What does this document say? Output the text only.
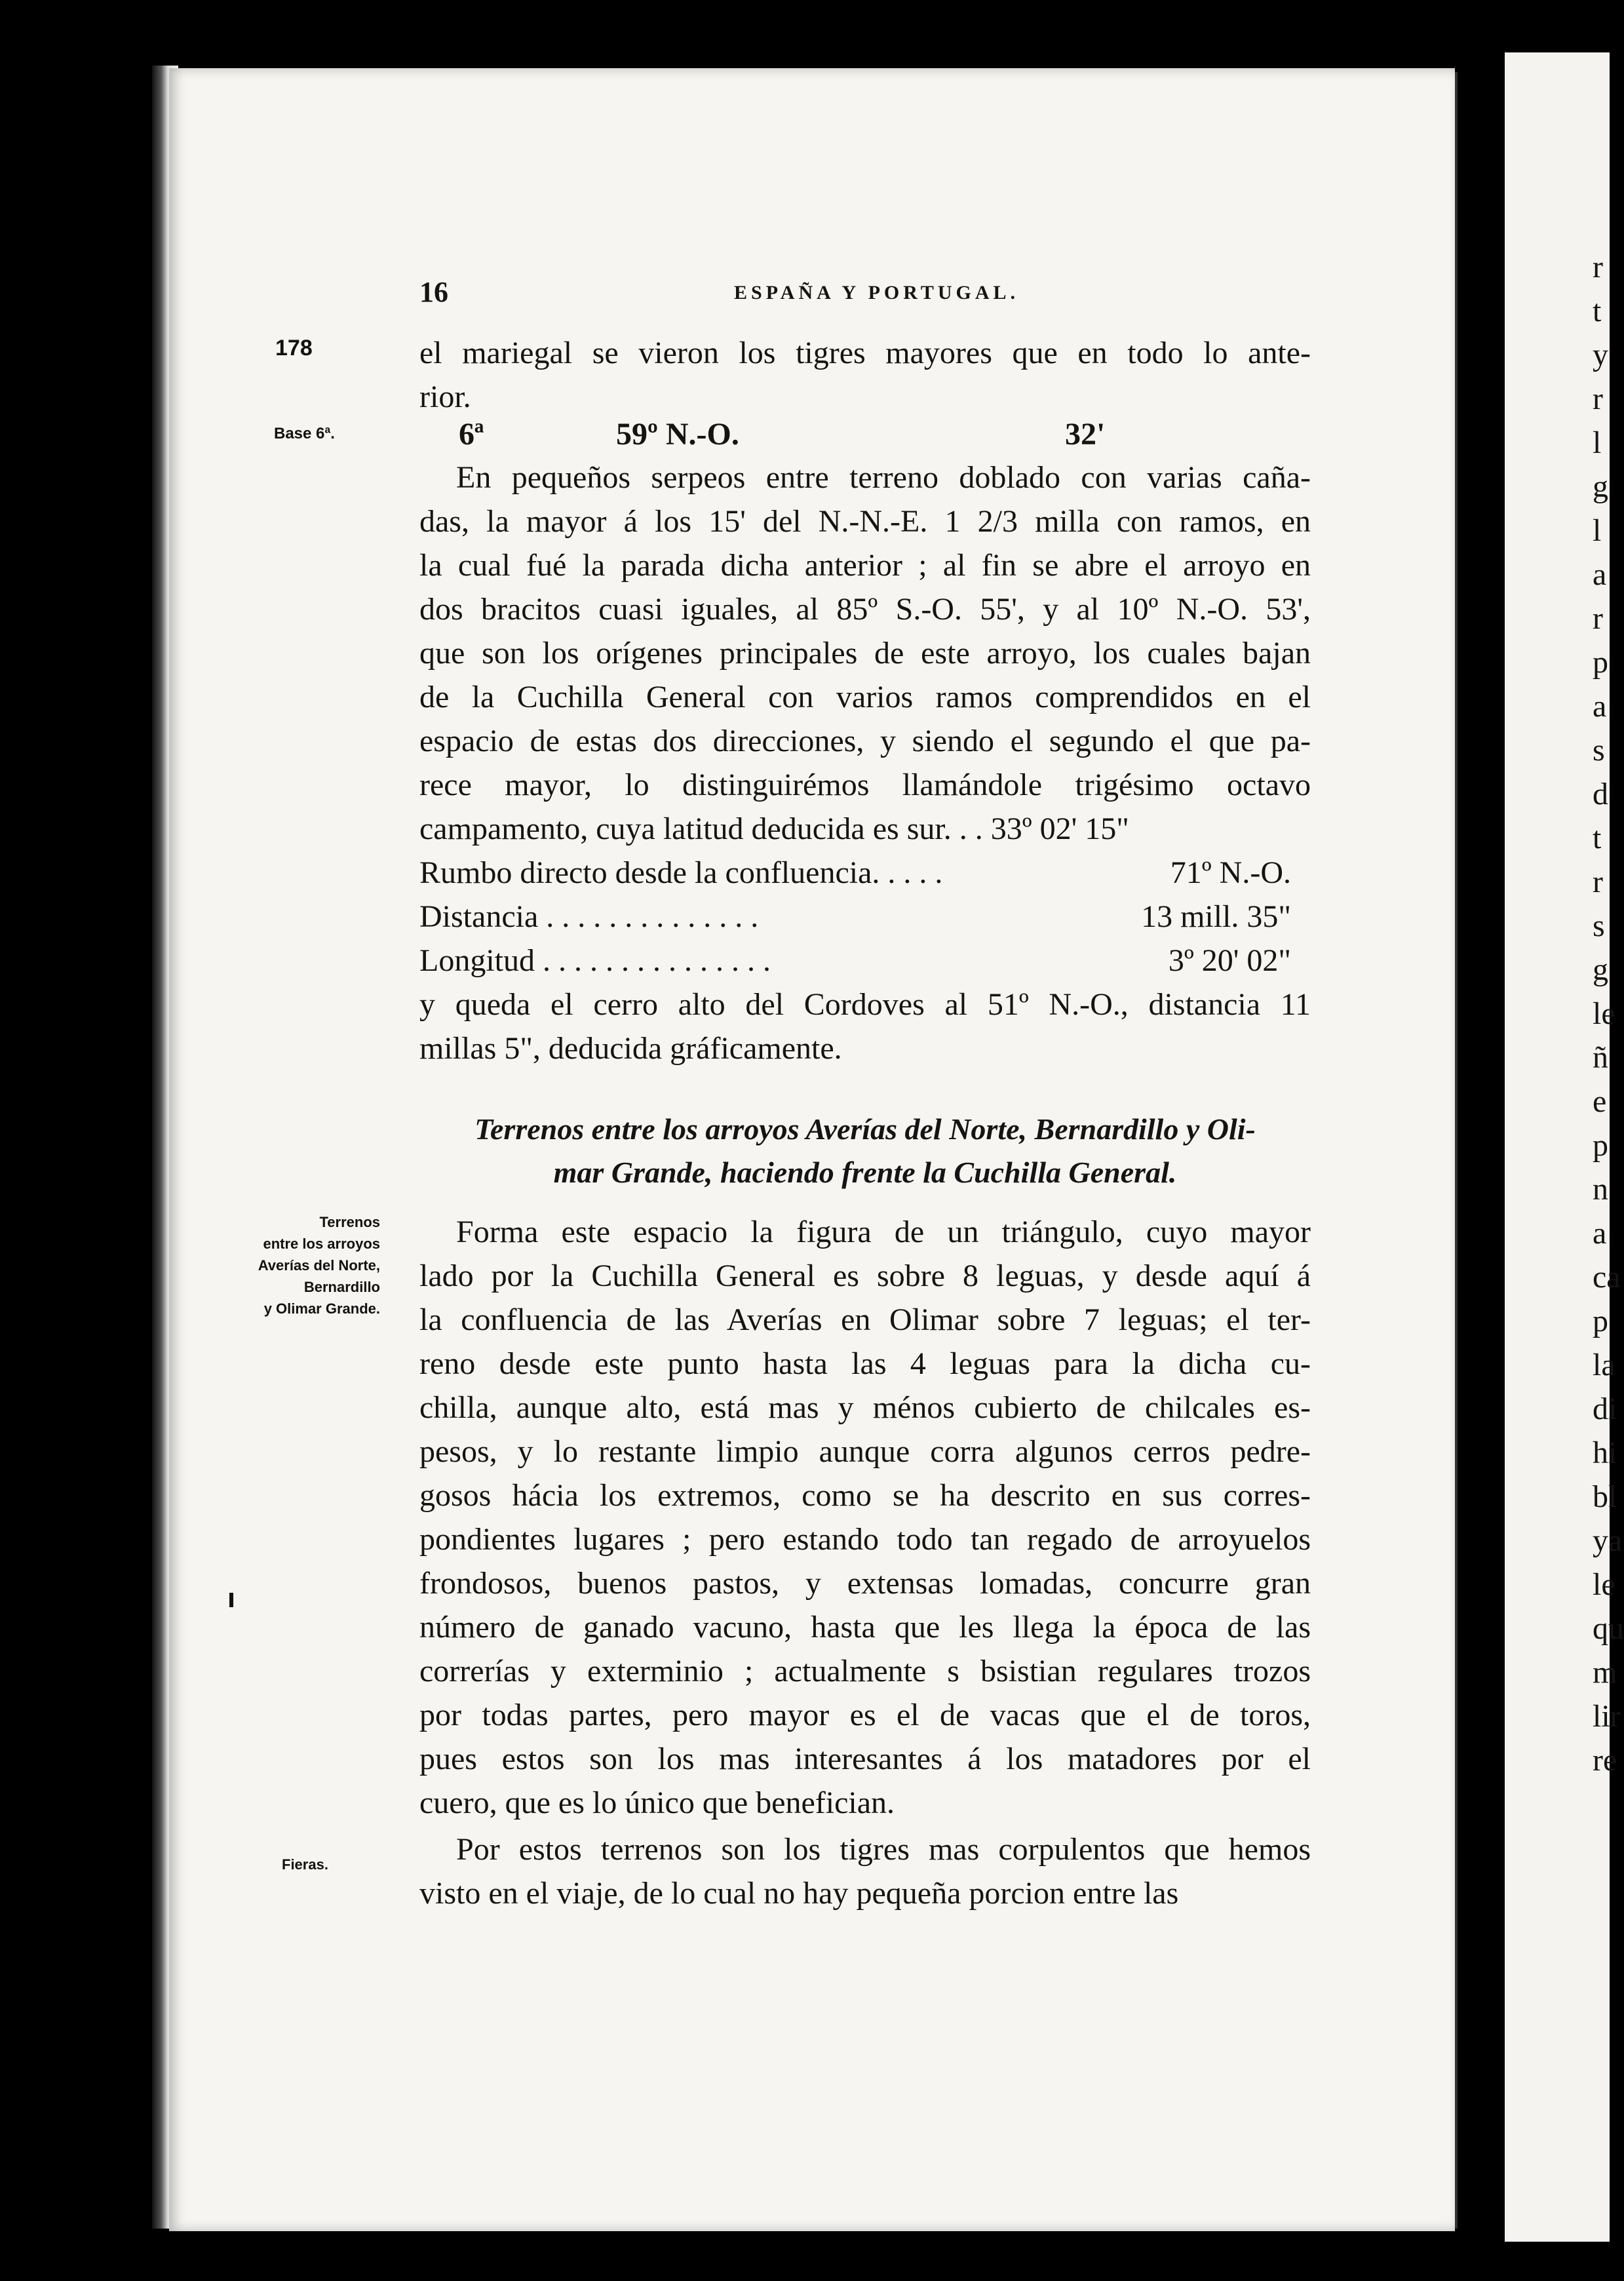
r
t
y
r
l
g
l
a
r
p
a
s
d
t
r
s
g
le
ñ
e
p
n
a
ca
p
la
di
hi
bl
ya
le
qu
m
lir
re
16	ESPAÑA Y PORTUGAL.
178
Base 6ª.
Terrenos
entre los arroyos
Averías del Norte,
Bernardillo
y Olimar Grande.
Fieras.
el mariegal se vieron los tigres mayores que en todo lo ante-
rior.
6ª	59º N.-O.	32'
En pequeños serpeos entre terreno doblado con varias caña-
das, la mayor á los 15' del N.-N.-E. 1 2/3 milla con ramos, en
la cual fué la parada dicha anterior ; al fin se abre el arroyo en
dos bracitos cuasi iguales, al 85º S.-O. 55', y al 10º N.-O. 53',
que son los orígenes principales de este arroyo, los cuales bajan
de la Cuchilla General con varios ramos comprendidos en el
espacio de estas dos direcciones, y siendo el segundo el que pa-
rece mayor, lo distinguirémos llamándole trigésimo octavo
campamento, cuya latitud deducida es sur. . . 33º 02' 15"
Rumbo directo desde la confluencia. . . . .	71º N.-O.
Distancia . . . . . . . . . . . . . .	13 mill. 35"
Longitud . . . . . . . . . . . . . . .	3º 20' 02"
y queda el cerro alto del Cordoves al 51º N.-O., distancia 11
millas 5", deducida gráficamente.
Terrenos entre los arroyos Averías del Norte, Bernardillo y Oli-
mar Grande, haciendo frente la Cuchilla General.
Forma este espacio la figura de un triángulo, cuyo mayor
lado por la Cuchilla General es sobre 8 leguas, y desde aquí á
la confluencia de las Averías en Olimar sobre 7 leguas; el ter-
reno desde este punto hasta las 4 leguas para la dicha cu-
chilla, aunque alto, está mas y ménos cubierto de chilcales es-
pesos, y lo restante limpio aunque corra algunos cerros pedre-
gosos hácia los extremos, como se ha descrito en sus corres-
pondientes lugares ; pero estando todo tan regado de arroyuelos
frondosos, buenos pastos, y extensas lomadas, concurre gran
número de ganado vacuno, hasta que les llega la época de las
correrías y exterminio ; actualmente s bsistian regulares trozos
por todas partes, pero mayor es el de vacas que el de toros,
pues estos son los mas interesantes á los matadores por el
cuero, que es lo único que benefician.
Por estos terrenos son los tigres mas corpulentos que hemos
visto en el viaje, de lo cual no hay pequeña porcion entre las
